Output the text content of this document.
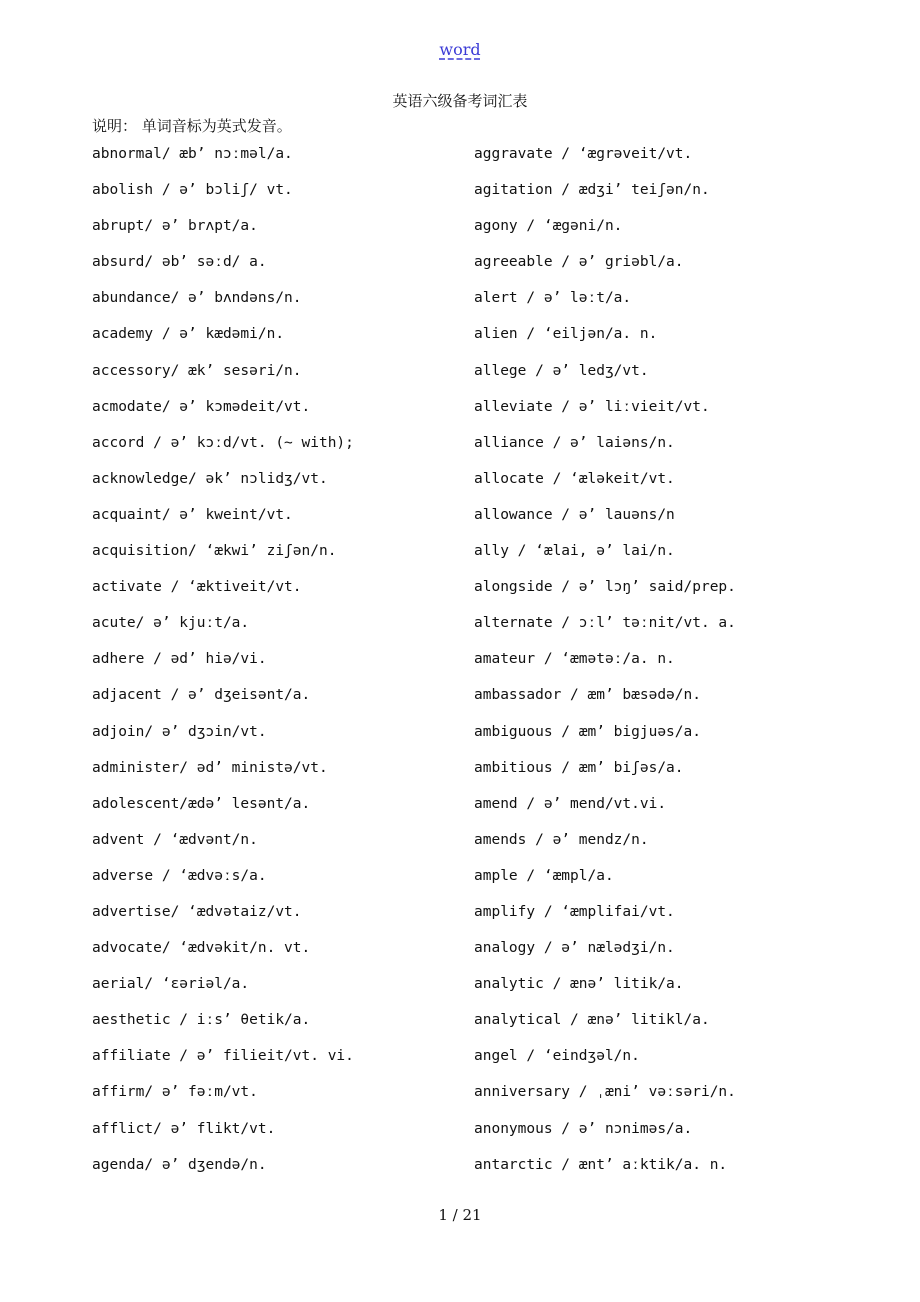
word
英语六级备考词汇表
说明： 单词音标为英式发音。
abnormal/ æb’ nɔːməl/a.
abolish / ə’ bɔliʃ/ vt.
abrupt/ ə’ brʌpt/a.
absurd/ əb’ səːd/ a.
abundance/ ə’ bʌndəns/n.
academy / ə’ kædəmi/n.
accessory/ æk’ sesəri/n.
acmodate/ ə’ kɔmədeit/vt.
accord / ə’ kɔːd/vt. (~ with);
acknowledge/ ək’ nɔlidʒ/vt.
acquaint/ ə’ kweint/vt.
acquisition/ ‘ækwi’ ziʃən/n.
activate / ‘æktiveit/vt.
acute/ ə’ kjuːt/a.
adhere / əd’ hiə/vi.
adjacent / ə’ dʒeisənt/a.
adjoin/ ə’ dʒɔin/vt.
administer/ əd’ ministə/vt.
adolescent/ædə’ lesənt/a.
advent / ‘ædvənt/n.
adverse / ‘ædvəːs/a.
advertise/ ‘ædvətaiz/vt.
advocate/ ‘ædvəkit/n. vt.
aerial/ ‘ɛəriəl/a.
aesthetic / iːs’ θetik/a.
affiliate / ə’ filieit/vt. vi.
affirm/ ə’ fəːm/vt.
afflict/ ə’ flikt/vt.
agenda/ ə’ dʒendə/n.
aggravate / ‘ægrəveit/vt.
agitation / ædʒi’ teiʃən/n.
agony / ‘ægəni/n.
agreeable / ə’ griəbl/a.
alert / ə’ ləːt/a.
alien / ‘eiljən/a. n.
allege / ə’ ledʒ/vt.
alleviate / ə’ liːvieit/vt.
alliance / ə’ laiəns/n.
allocate / ‘æləkeit/vt.
allowance / ə’ lauəns/n
ally / ‘ælai, ə’ lai/n.
alongside / ə’ lɔŋ’ said/prep.
alternate / ɔːl’ təːnit/vt. a.
amateur / ‘æmətəː/a. n.
ambassador / æm’ bæsədə/n.
ambiguous / æm’ bigjuəs/a.
ambitious / æm’ biʃəs/a.
amend / ə’ mend/vt.vi.
amends / ə’ mendz/n.
ample / ‘æmpl/a.
amplify / ‘æmplifai/vt.
analogy / ə’ nælədʒi/n.
analytic / ænə’ litik/a.
analytical / ænə’ litikl/a.
angel / ‘eindʒəl/n.
anniversary / ˌæni’ vəːsəri/n.
anonymous / ə’ nɔniməs/a.
antarctic / ænt’ aːktik/a. n.
1 / 21
